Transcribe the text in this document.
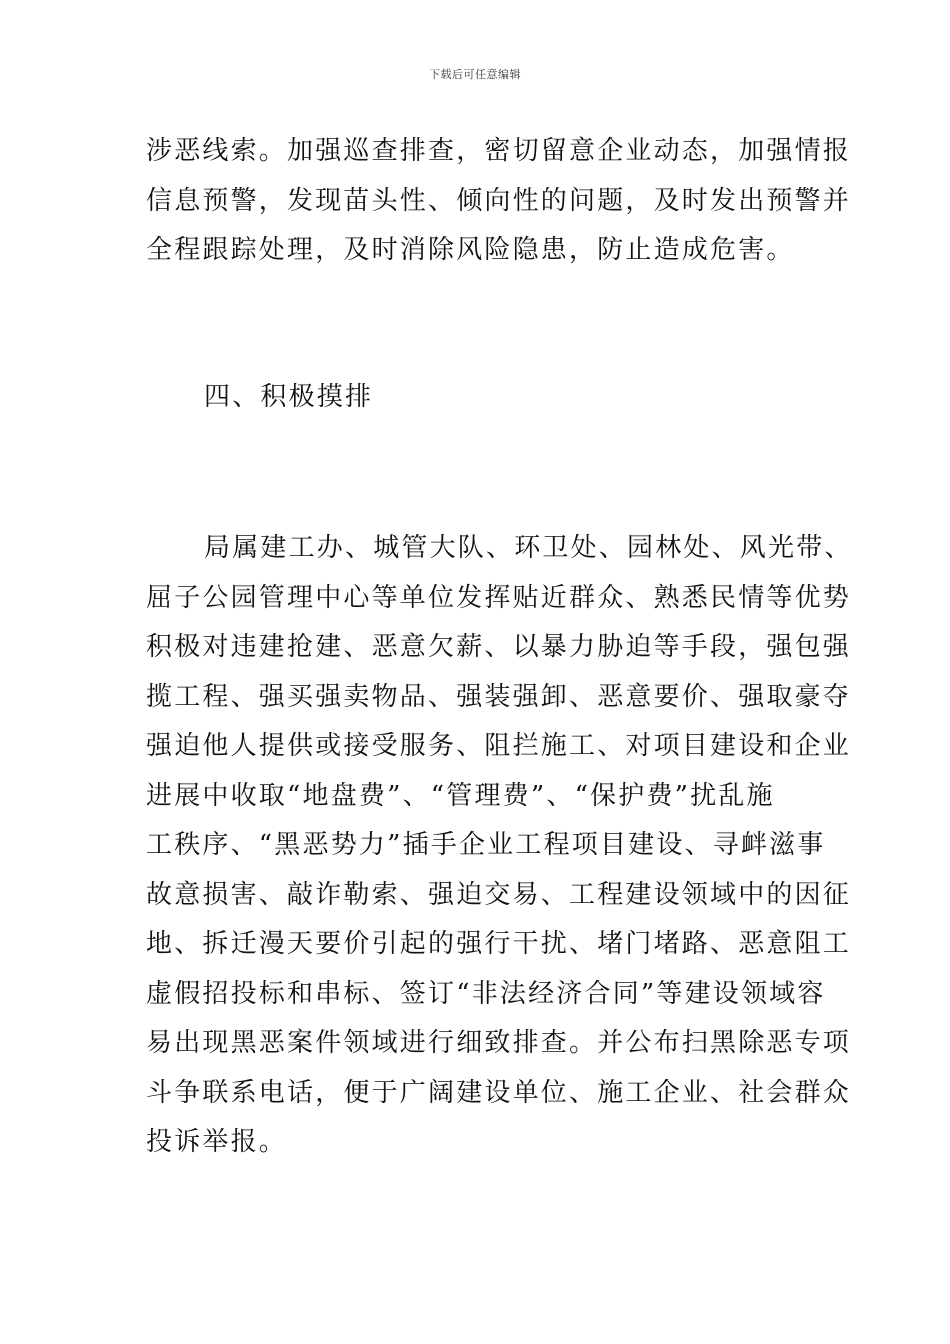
下载后可任意编辑
涉恶线索。加强巡查排查，密切留意企业动态，加强情报
信息预警，发现苗头性、倾向性的问题，及时发出预警并
全程跟踪处理，及时消除风险隐患，防止造成危害。
四、积极摸排
局属建工办、城管大队、环卫处、园林处、风光带、
屈子公园管理中心等单位发挥贴近群众、熟悉民情等优势
积极对违建抢建、恶意欠薪、以暴力胁迫等手段，强包强
揽工程、强买强卖物品、强装强卸、恶意要价、强取豪夺
强迫他人提供或接受服务、阻拦施工、对项目建设和企业
进展中收取“地盘费”、“管理费”、“保护费”扰乱施
工秩序、“黑恶势力”插手企业工程项目建设、寻衅滋事
故意损害、敲诈勒索、强迫交易、工程建设领域中的因征
地、拆迁漫天要价引起的强行干扰、堵门堵路、恶意阻工
虚假招投标和串标、签订“非法经济合同”等建设领域容
易出现黑恶案件领域进行细致排查。并公布扫黑除恶专项
斗争联系电话，便于广阔建设单位、施工企业、社会群众
投诉举报。
